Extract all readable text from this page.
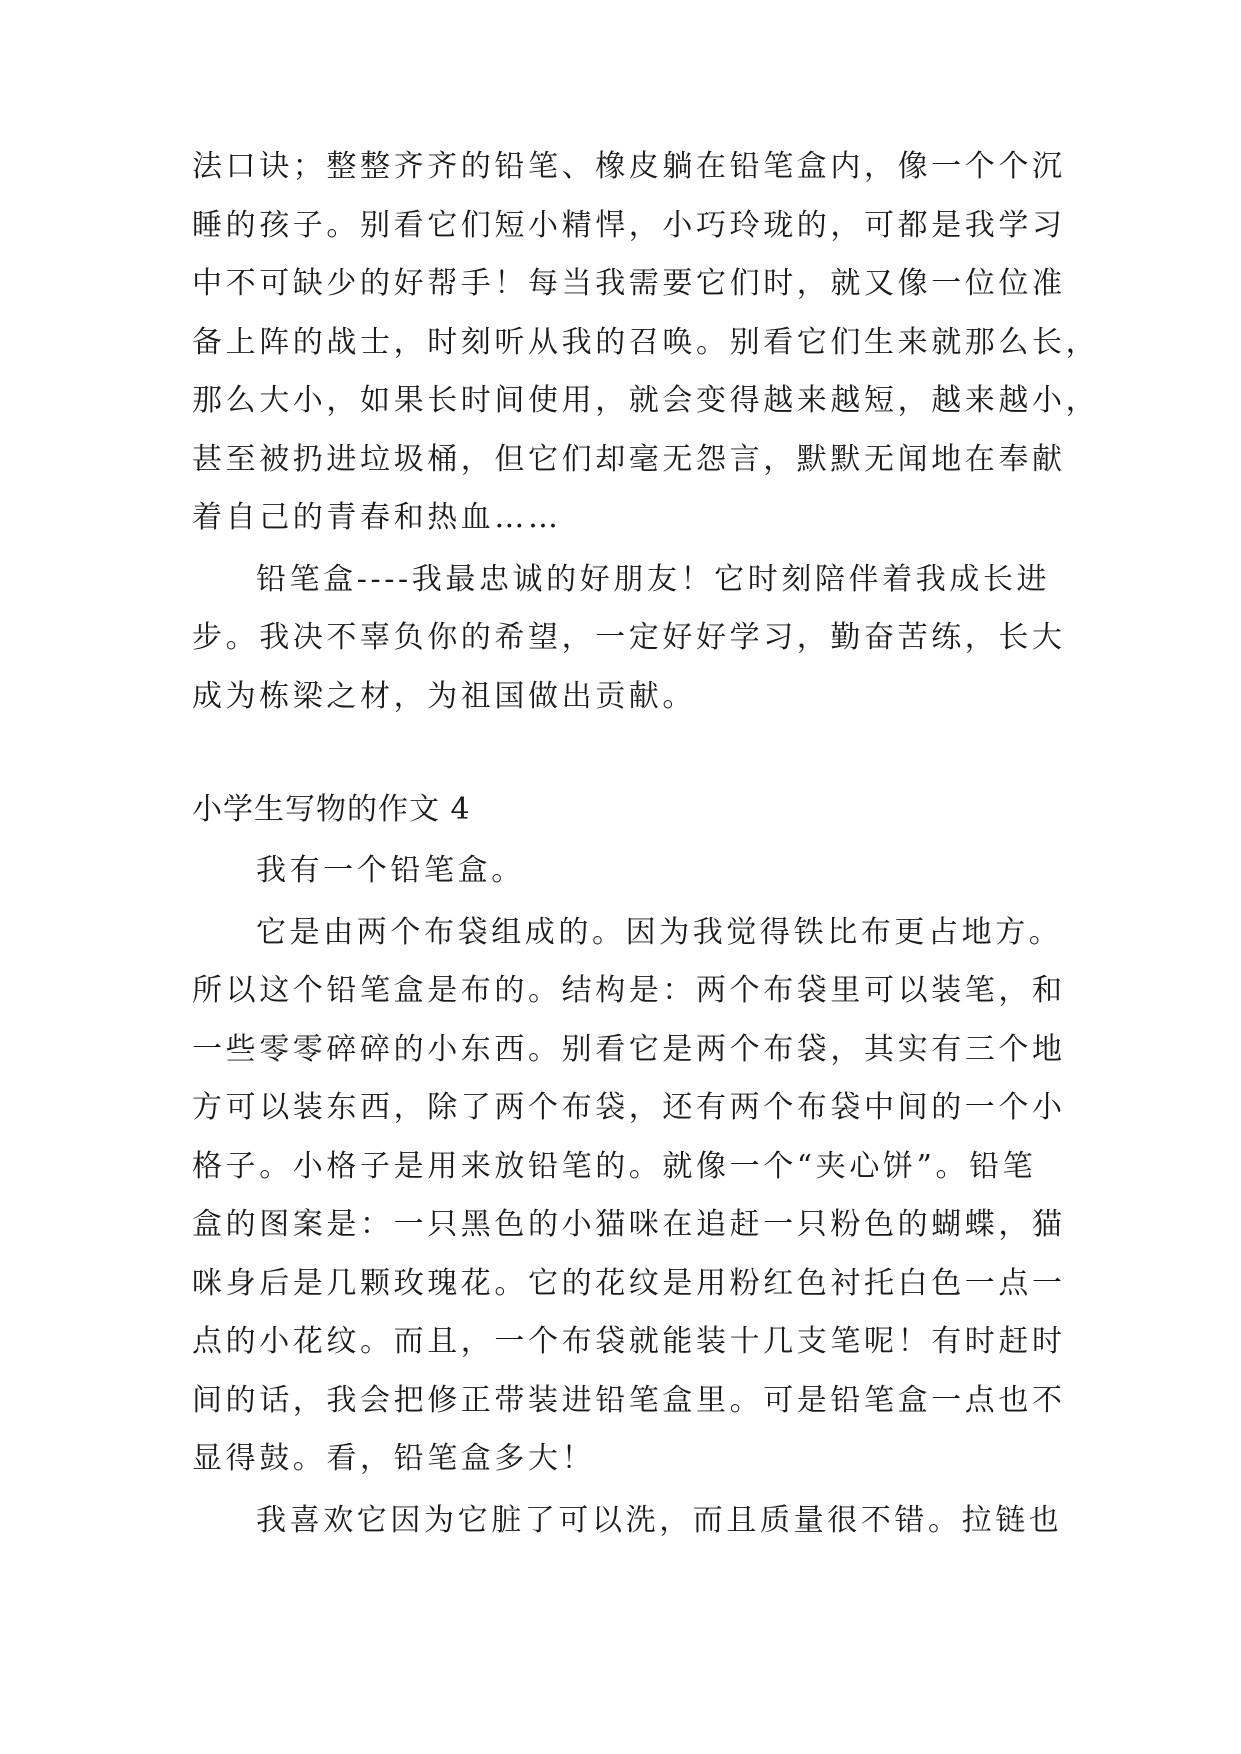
法口诀；整整齐齐的铅笔、橡皮躺在铅笔盒内，像一个个沉
睡的孩子。别看它们短小精悍，小巧玲珑的，可都是我学习
中不可缺少的好帮手！每当我需要它们时，就又像一位位准
备上阵的战士，时刻听从我的召唤。别看它们生来就那么长，
那么大小，如果长时间使用，就会变得越来越短，越来越小，
甚至被扔进垃圾桶，但它们却毫无怨言，默默无闻地在奉献
着自己的青春和热血……
铅笔盒----我最忠诚的好朋友！它时刻陪伴着我成长进
步。我决不辜负你的希望，一定好好学习，勤奋苦练，长大
成为栋梁之材，为祖国做出贡献。
小学生写物的作文 4
我有一个铅笔盒。
它是由两个布袋组成的。因为我觉得铁比布更占地方。
所以这个铅笔盒是布的。结构是：两个布袋里可以装笔，和
一些零零碎碎的小东西。别看它是两个布袋，其实有三个地
方可以装东西，除了两个布袋，还有两个布袋中间的一个小
格子。小格子是用来放铅笔的。就像一个“夹心饼”。铅笔
盒的图案是：一只黑色的小猫咪在追赶一只粉色的蝴蝶，猫
咪身后是几颗玫瑰花。它的花纹是用粉红色衬托白色一点一
点的小花纹。而且，一个布袋就能装十几支笔呢！有时赶时
间的话，我会把修正带装进铅笔盒里。可是铅笔盒一点也不
显得鼓。看，铅笔盒多大！
我喜欢它因为它脏了可以洗，而且质量很不错。拉链也
